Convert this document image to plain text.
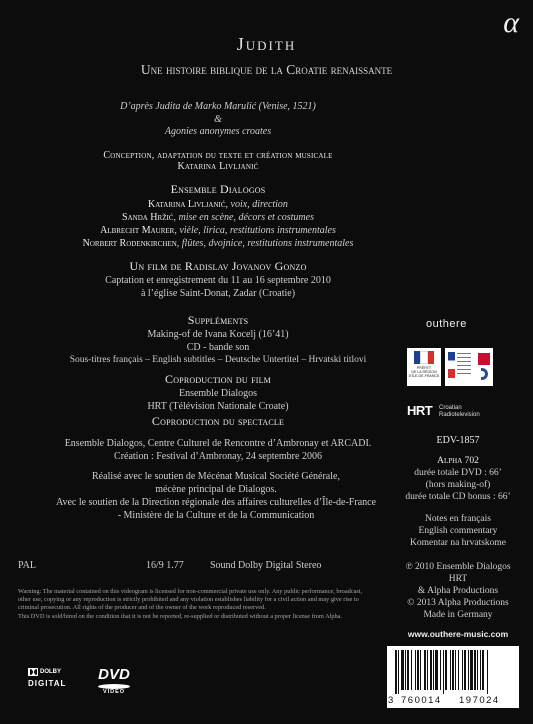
α
Judith
Une histoire biblique de la Croatie renaissante
D’après Judita de Marko Marulić (Venise, 1521)
&
Agonies anonymes croates
Conception, adaptation du texte et création musicale
Katarina Livljanić
Ensemble Dialogos
Katarina Livljanić, voix, direction
Sanda Hržić, mise en scène, décors et costumes
Albrecht Maurer, vièle, lirica, restitutions instrumentales
Norbert Rodenkirchen, flûtes, dvojnice, restitutions instrumentales
Un film de Radislav Jovanov Gonzo
Captation et enregistrement du 11 au 16 septembre 2010
à l’église Saint-Donat, Zadar (Croatie)
Suppléments
Making-of de Ivana Kocelj (16’41)
CD - bande son
Sous-titres français – English subtitles – Deutsche Untertitel – Hrvatski titlovi
Coproduction du film
Ensemble Dialogos
HRT (Télévision Nationale Croate)
Coproduction du spectacle
Ensemble Dialogos, Centre Culturel de Rencontre d’Ambronay et ARCADI.
Création : Festival d’Ambronay, 24 septembre 2006
Réalisé avec le soutien de Mécénat Musical Société Générale,
mécène principal de Dialogos.
Avec le soutien de la Direction régionale des affaires culturelles d’Île-de-France
- Ministère de la Culture et de la Communication
PAL	16/9 1.77	Sound Dolby Digital Stereo
Warning: The material contained on this videogram is licensed for non-commercial private use only. Any public performance, broadcast, other use, copying or any reproduction is strictly prohibited and any violation establishes liability for a civil action and may give rise to criminal prosecution. All rights of the producer and of the owner of the work reproduced reserved.
This DVD is sold/hired on the condition that it is not be reported, re-supplied or distributed without a proper license from Alpha.
DOLBY
DIGITAL
DVD
VIDEO
outhere
PRÉFET
DE LA RÉGION
D'ÎLE-DE-FRANCE
HRT Croatian
Radiotelevision
EDV-1857
Alpha 702
durée totale DVD : 66’
(hors making-of)
durée totale CD bonus : 66’
Notes en français
English commentary
Komentar na hrvatskome
℗ 2010 Ensemble Dialogos
HRT
& Alpha Productions
© 2013 Alpha Productions
Made in Germany
www.outhere-music.com
3 760014 197024
